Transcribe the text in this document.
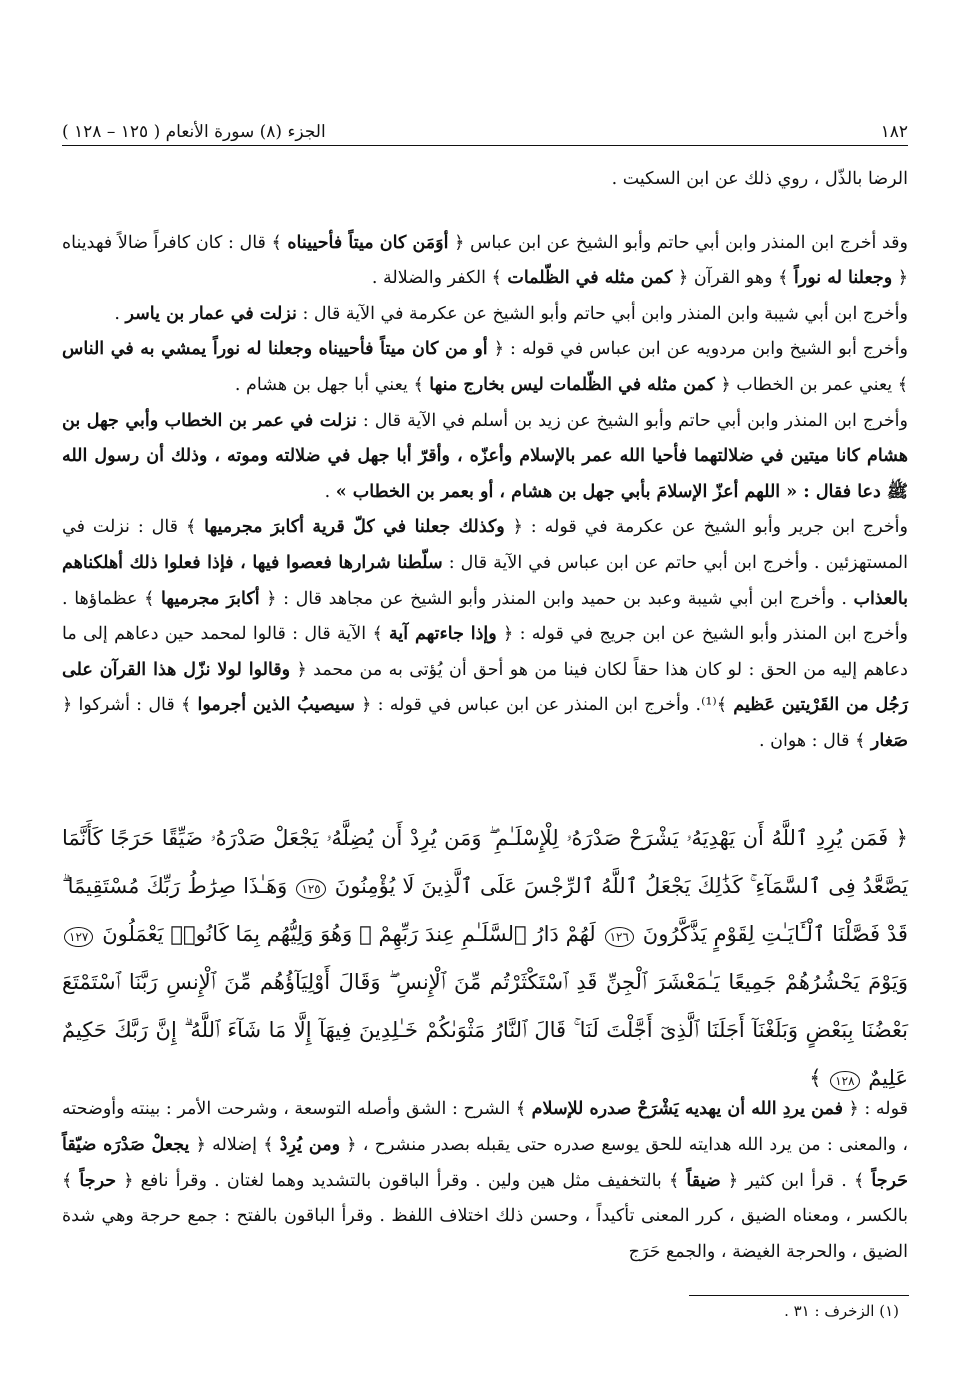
١٨٢
الجزء (٨) سورة الأنعام ( ١٢٥ – ١٢٨ )

الرضا بالذّل ، روي ذلك عن ابن السكيت .

وقد أخرج ابن المنذر وابن أبي حاتم وأبو الشيخ عن ابن عباس ﴿ أوَمَن كان ميتاً فأحييناه ﴾ قال : كان كافراً ضالاً فهديناه ﴿ وجعلنا له نوراً ﴾ وهو القرآن ﴿ كمن مثله في الظّلمات ﴾ الكفر والضلالة .

وأخرج ابن أبي شيبة وابن المنذر وابن أبي حاتم وأبو الشيخ عن عكرمة في الآية قال : نزلت في عمار بن ياسر .

وأخرج أبو الشيخ وابن مردويه عن ابن عباس في قوله : ﴿ أو من كان ميتاً فأحييناه وجعلنا له نوراً يمشي به في الناس ﴾ يعني عمر بن الخطاب ﴿ كمن مثله في الظّلمات ليس بخارج منها ﴾ يعني أبا جهل بن هشام .

وأخرج ابن المنذر وابن أبي حاتم وأبو الشيخ عن زيد بن أسلم في الآية قال : نزلت في عمر بن الخطاب وأبي جهل بن هشام كانا ميتين في ضلالتهما فأحيا الله عمر بالإسلام وأعزّه ، وأقرّ أبا جهل في ضلالته وموته ، وذلك أن رسول الله ﷺ دعا فقال : « اللهم أعزّ الإسلامَ بأبي جهل بن هشام ، أو بعمر بن الخطاب » .

وأخرج ابن جرير وأبو الشيخ عن عكرمة في قوله : ﴿ وكذلك جعلنا في كلّ قرية أكابرَ مجرميها ﴾ قال : نزلت في المستهزئين . وأخرج ابن أبي حاتم عن ابن عباس في الآية قال : سلّطنا شرارها فعصوا فيها ، فإذا فعلوا ذلك أهلكناهم بالعذاب . وأخرج ابن أبي شيبة وعبد بن حميد وابن المنذر وأبو الشيخ عن مجاهد قال : ﴿ أكابرَ مجرميها ﴾ عظماؤها . وأخرج ابن المنذر وأبو الشيخ عن ابن جريج في قوله : ﴿ وإذا جاءتهم آية ﴾ الآية قال : قالوا لمحمد حين دعاهم إلى ما دعاهم إليه من الحق : لو كان هذا حقاً لكان فينا من هو أحق أن يُؤتى به من محمد ﴿ وقالوا لولا نزّل هذا القرآن على رَجُل من القَرْيتين عَظيم ﴾⁽¹⁾. وأخرج ابن المنذر عن ابن عباس في قوله : ﴿ سيصيبُ الذين أجرموا ﴾ قال : أشركوا ﴿ صَغار ﴾ قال : هوان .

﴿ فَمَن يُرِدِ ٱللَّهُ أَن يَهْدِيَهُۥ يَشْرَحْ صَدْرَهُۥ لِلْإِسْلَـٰمِ ۖ وَمَن يُرِدْ أَن يُضِلَّهُۥ يَجْعَلْ صَدْرَهُۥ ضَيِّقًا حَرَجًا كَأَنَّمَا يَصَّعَّدُ فِى ٱلسَّمَآءِ ۚ كَذَٰلِكَ يَجْعَلُ ٱللَّهُ ٱلرِّجْسَ عَلَى ٱلَّذِينَ لَا يُؤْمِنُونَ ١٢٥ وَهَـٰذَا صِرَٰطُ رَبِّكَ مُسْتَقِيمًا ۗ قَدْ فَصَّلْنَا ٱلْـَٔايَـٰتِ لِقَوْمٍ يَذَّكَّرُونَ ١٢٦ لَهُمْ دَارُ ٱلسَّلَـٰمِ عِندَ رَبِّهِمْ ۖ وَهُوَ وَلِيُّهُم بِمَا كَانُوا۟ يَعْمَلُونَ ١٢٧ وَيَوْمَ يَحْشُرُهُمْ جَمِيعًا يَـٰمَعْشَرَ ٱلْجِنِّ قَدِ ٱسْتَكْثَرْتُم مِّنَ ٱلْإِنسِ ۖ وَقَالَ أَوْلِيَآؤُهُم مِّنَ ٱلْإِنسِ رَبَّنَا ٱسْتَمْتَعَ بَعْضُنَا بِبَعْضٍ وَبَلَغْنَآ أَجَلَنَا ٱلَّذِىٓ أَجَّلْتَ لَنَا ۚ قَالَ ٱلنَّارُ مَثْوَىٰكُمْ خَـٰلِدِينَ فِيهَآ إِلَّا مَا شَآءَ ٱللَّهُ ۗ إِنَّ رَبَّكَ حَكِيمٌ عَلِيمٌ ١٢٨ ﴾

قوله : ﴿ فمن يردِ الله أن يهديه يَشْرَحْ صدره للإسلام ﴾ الشرح : الشق وأصله التوسعة ، وشرحت الأمر : بينته وأوضحته ، والمعنى : من يرد الله هدايته للحق يوسع صدره حتى يقبله بصدر منشرح ، ﴿ ومن يُرِدْ ﴾ إضلاله ﴿ يجعلْ صَدْرَه ضيّقاً حَرجاً ﴾ . قرأ ابن كثير ﴿ ضيقاً ﴾ بالتخفيف مثل هين ولين . وقرأ الباقون بالتشديد وهما لغتان . وقرأ نافع ﴿ حرجاً ﴾ بالكسر ، ومعناه الضيق ، كرر المعنى تأكيداً ، وحسن ذلك اختلاف اللفظ . وقرأ الباقون بالفتح : جمع حرجة وهي شدة الضيق ، والحرجة الغيضة ، والجمع حَرَج

(١) الزخرف : ٣١ .
